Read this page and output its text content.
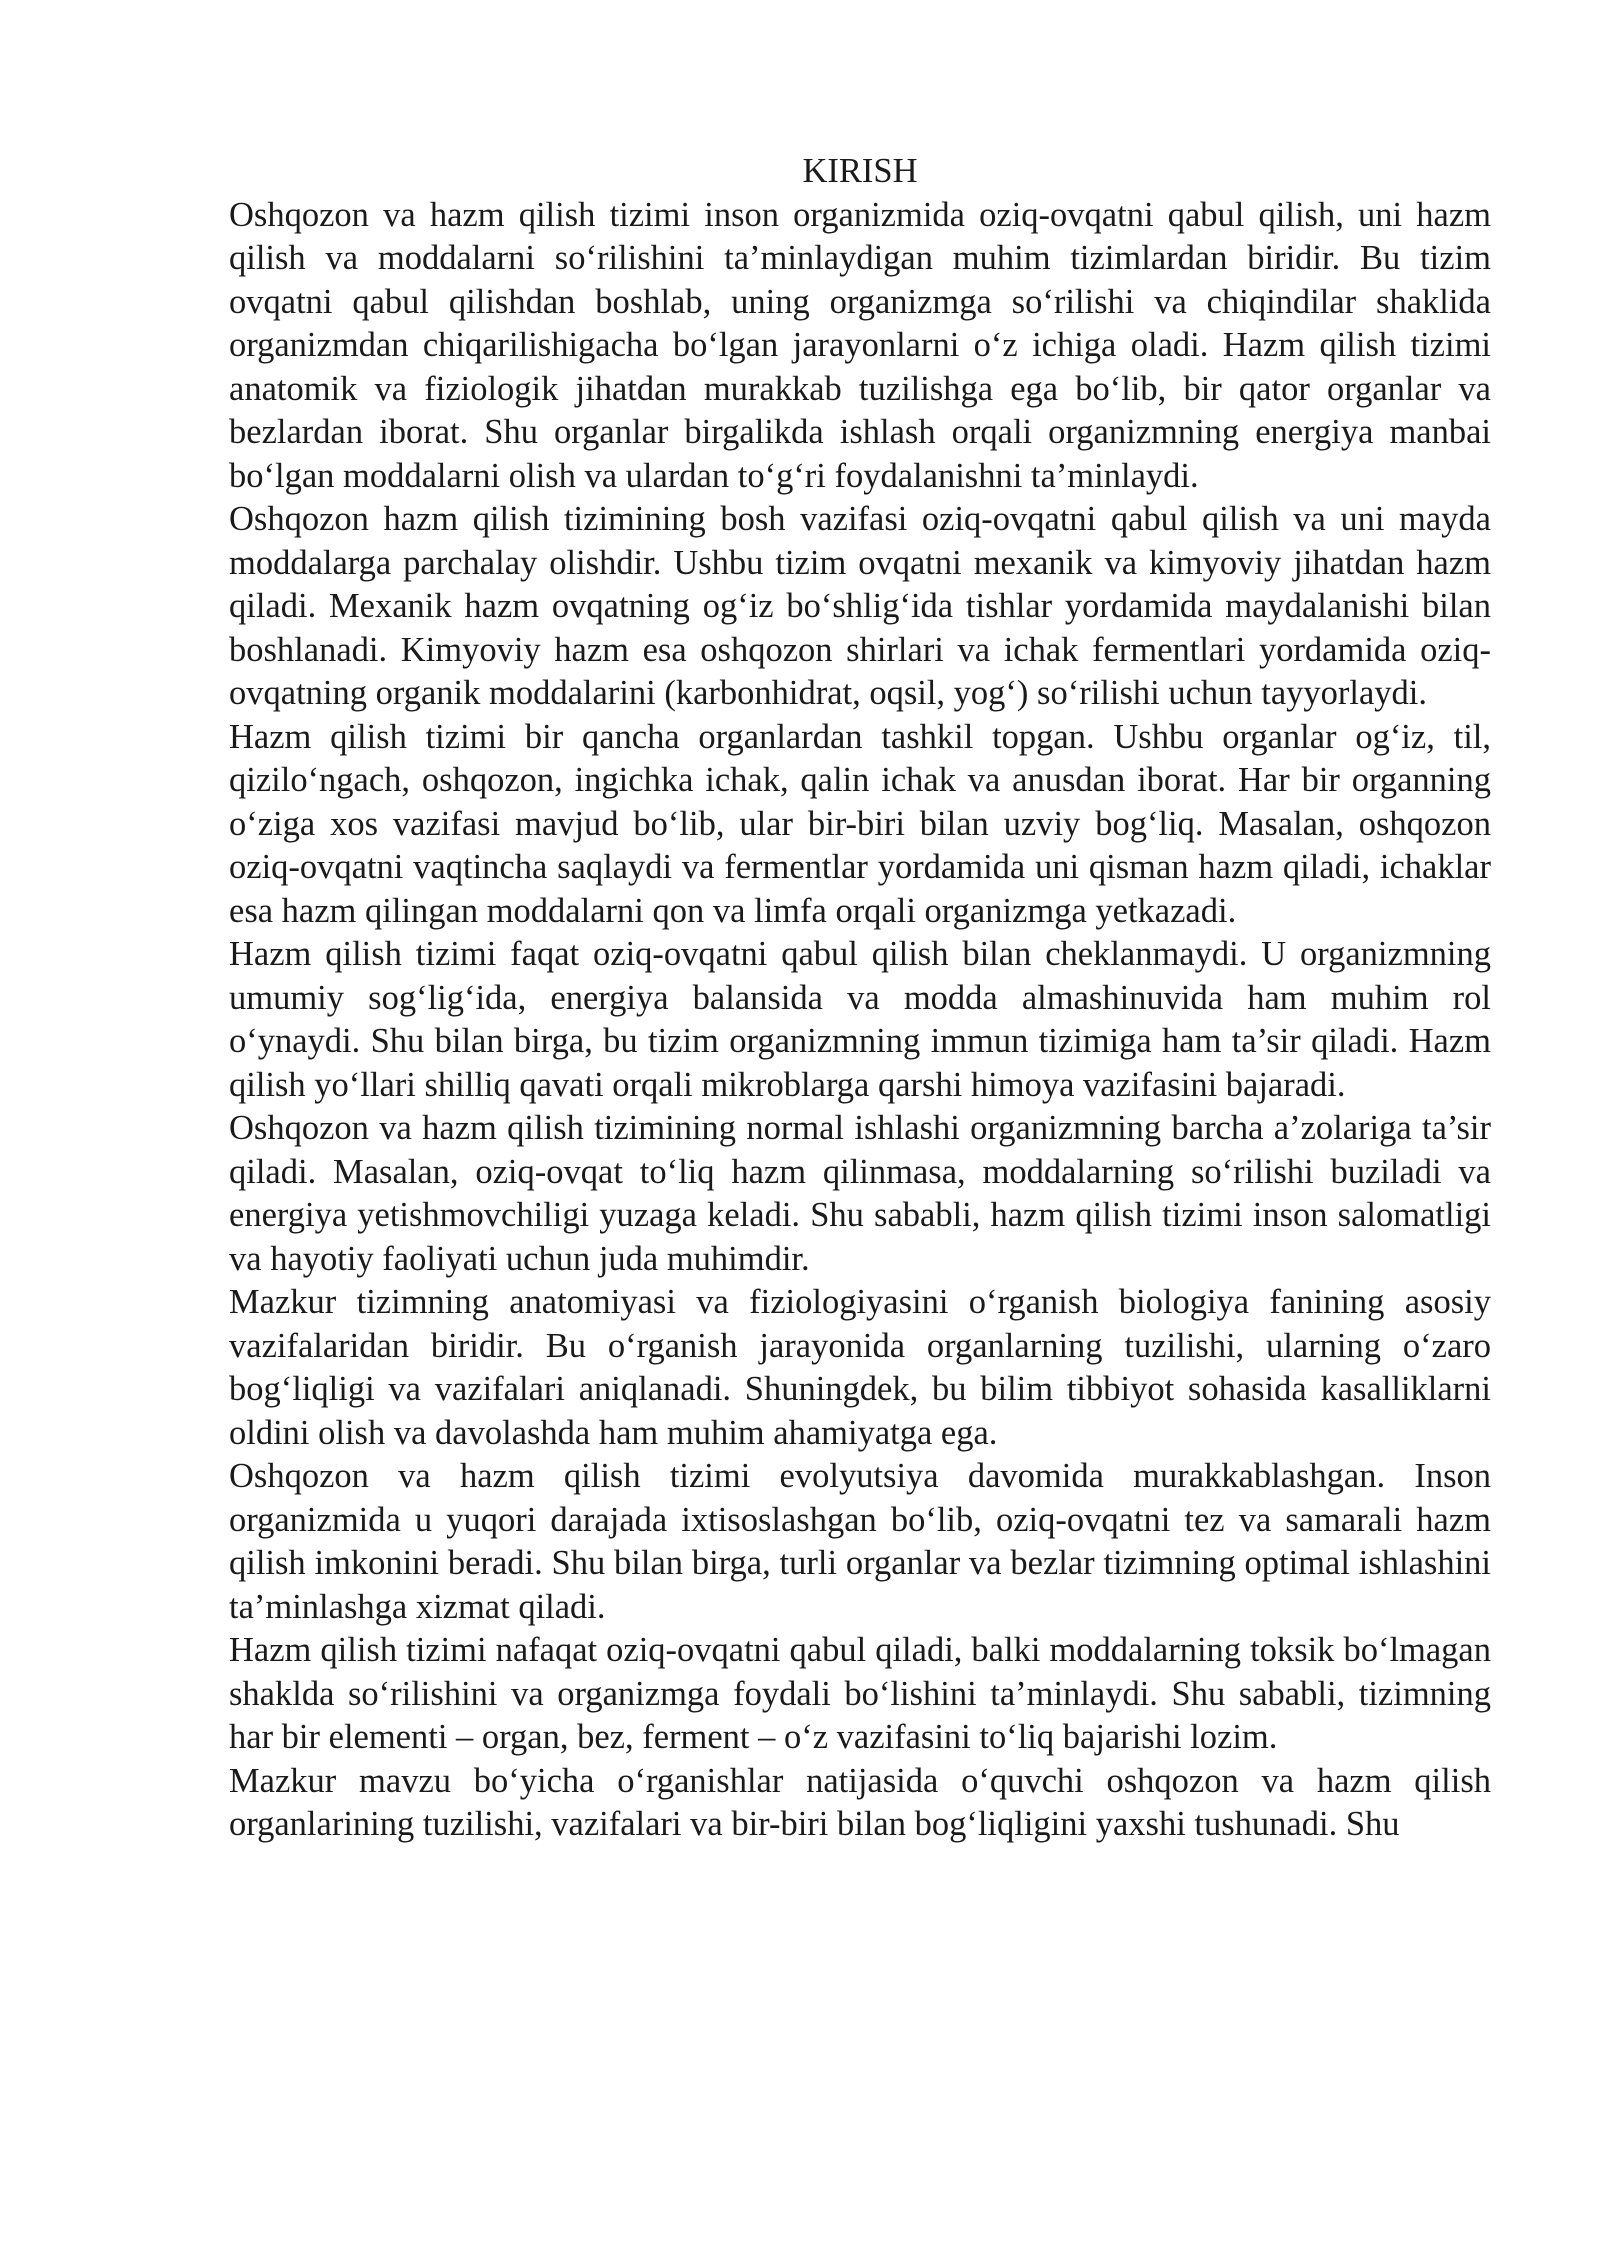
KIRISH

Oshqozon va hazm qilish tizimi inson organizmida oziq-ovqatni qabul qilish, uni hazm qilish va moddalarni so‘rilishini ta’minlaydigan muhim tizimlardan biridir. Bu tizim ovqatni qabul qilishdan boshlab, uning organizmga so‘rilishi va chiqindilar shaklida organizmdan chiqarilishigacha bo‘lgan jarayonlarni o‘z ichiga oladi. Hazm qilish tizimi anatomik va fiziologik jihatdan murakkab tuzilishga ega bo‘lib, bir qator organlar va bezlardan iborat. Shu organlar birgalikda ishlash orqali organizmning energiya manbai bo‘lgan moddalarni olish va ulardan to‘g‘ri foydalanishni ta’minlaydi.

Oshqozon hazm qilish tizimining bosh vazifasi oziq-ovqatni qabul qilish va uni mayda moddalarga parchalay olishdir. Ushbu tizim ovqatni mexanik va kimyoviy jihatdan hazm qiladi. Mexanik hazm ovqatning og‘iz bo‘shlig‘ida tishlar yordamida maydalanishi bilan boshlanadi. Kimyoviy hazm esa oshqozon shirlari va ichak fermentlari yordamida oziq-ovqatning organik moddalarini (karbonhidrat, oqsil, yog‘) so‘rilishi uchun tayyorlaydi.

Hazm qilish tizimi bir qancha organlardan tashkil topgan. Ushbu organlar og‘iz, til, qizilo‘ngach, oshqozon, ingichka ichak, qalin ichak va anusdan iborat. Har bir organning o‘ziga xos vazifasi mavjud bo‘lib, ular bir-biri bilan uzviy bog‘liq. Masalan, oshqozon oziq-ovqatni vaqtincha saqlaydi va fermentlar yordamida uni qisman hazm qiladi, ichaklar esa hazm qilingan moddalarni qon va limfa orqali organizmga yetkazadi.

Hazm qilish tizimi faqat oziq-ovqatni qabul qilish bilan cheklanmaydi. U organizmning umumiy sog‘lig‘ida, energiya balansida va modda almashinuvida ham muhim rol o‘ynaydi. Shu bilan birga, bu tizim organizmning immun tizimiga ham ta’sir qiladi. Hazm qilish yo‘llari shilliq qavati orqali mikroblarga qarshi himoya vazifasini bajaradi.

Oshqozon va hazm qilish tizimining normal ishlashi organizmning barcha a’zolariga ta’sir qiladi. Masalan, oziq-ovqat to‘liq hazm qilinmasa, moddalarning so‘rilishi buziladi va energiya yetishmovchiligi yuzaga keladi. Shu sababli, hazm qilish tizimi inson salomatligi va hayotiy faoliyati uchun juda muhimdir.

Mazkur tizimning anatomiyasi va fiziologiyasini o‘rganish biologiya fanining asosiy vazifalaridan biridir. Bu o‘rganish jarayonida organlarning tuzilishi, ularning o‘zaro bog‘liqligi va vazifalari aniqlanadi. Shuningdek, bu bilim tibbiyot sohasida kasalliklarni oldini olish va davolashda ham muhim ahamiyatga ega.

Oshqozon va hazm qilish tizimi evolyutsiya davomida murakkablashgan. Inson organizmida u yuqori darajada ixtisoslashgan bo‘lib, oziq-ovqatni tez va samarali hazm qilish imkonini beradi. Shu bilan birga, turli organlar va bezlar tizimning optimal ishlashini ta’minlashga xizmat qiladi.

Hazm qilish tizimi nafaqat oziq-ovqatni qabul qiladi, balki moddalarning toksik bo‘lmagan shaklda so‘rilishini va organizmga foydali bo‘lishini ta’minlaydi. Shu sababli, tizimning har bir elementi – organ, bez, ferment – o‘z vazifasini to‘liq bajarishi lozim.

Mazkur mavzu bo‘yicha o‘rganishlar natijasida o‘quvchi oshqozon va hazm qilish organlarining tuzilishi, vazifalari va bir-biri bilan bog‘liqligini yaxshi tushunadi. Shu
